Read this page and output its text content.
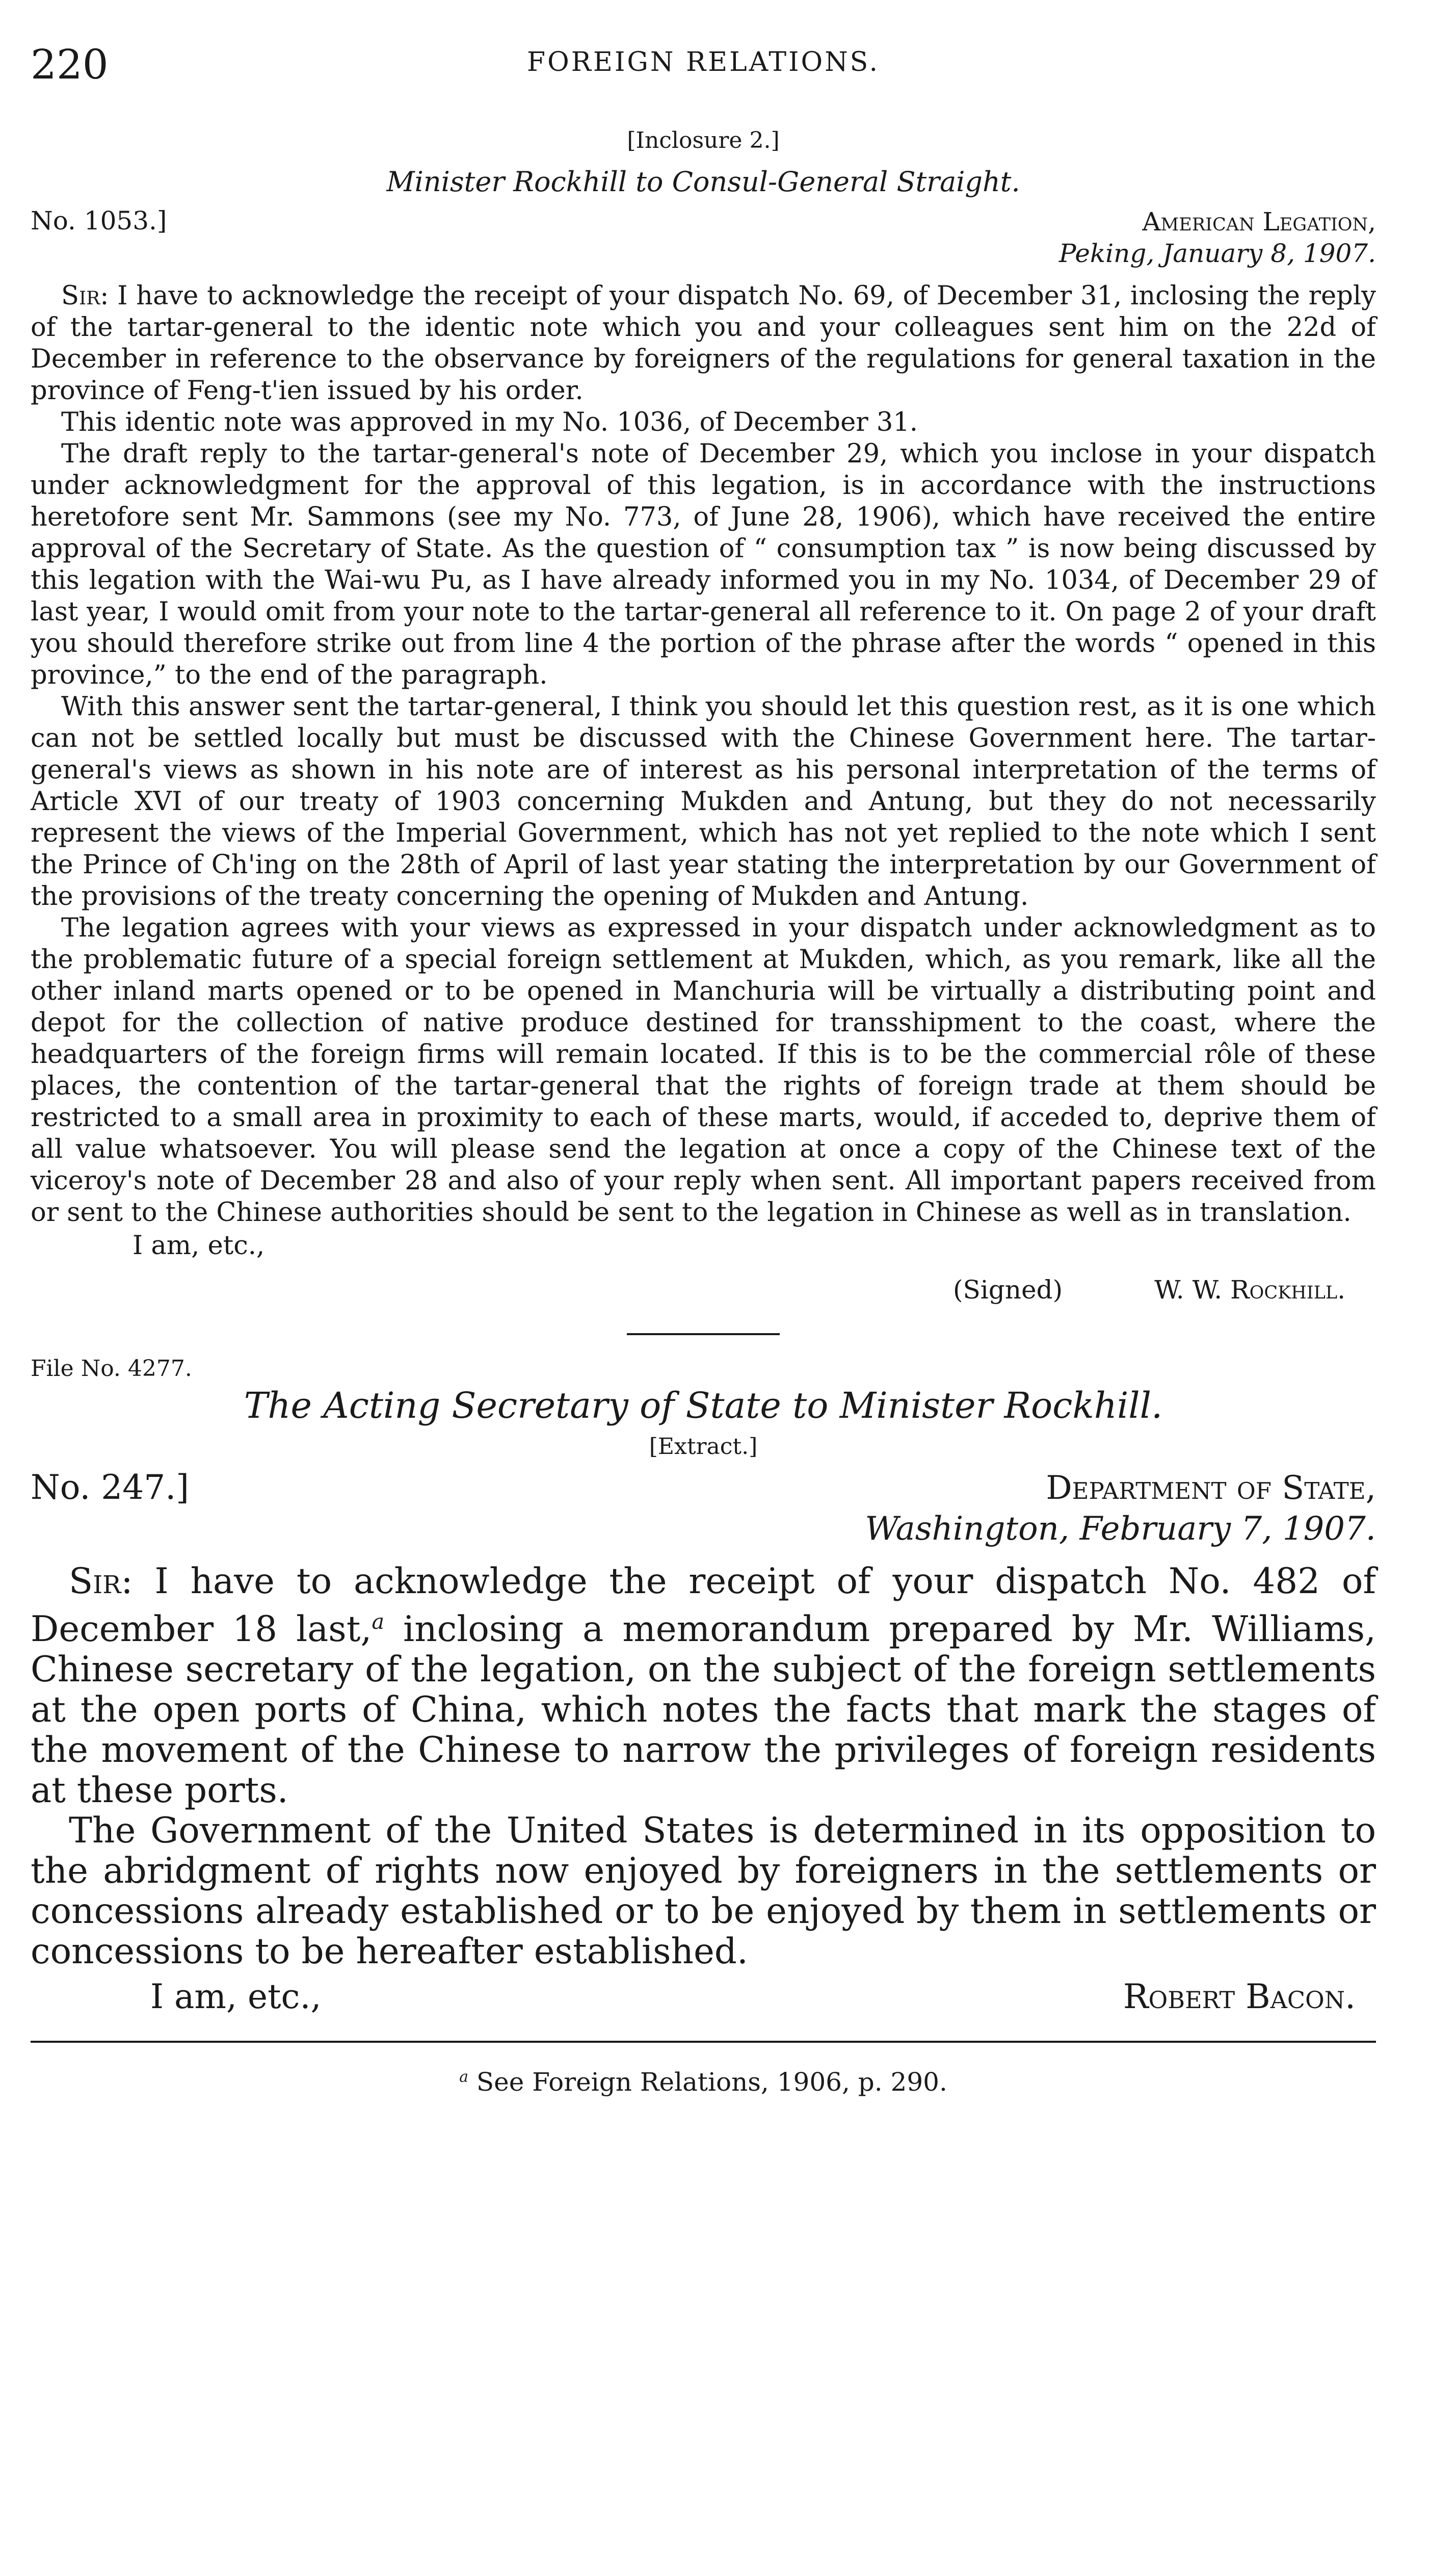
220	FOREIGN RELATIONS.
[Inclosure 2.]
Minister Rockhill to Consul-General Straight.
No. 1053.]	American Legation,
Peking, January 8, 1907.

Sir: I have to acknowledge the receipt of your dispatch No. 69, of December 31, inclosing the reply of the tartar-general to the identic note which you and your colleagues sent him on the 22d of December in reference to the observance by foreigners of the regulations for general taxation in the province of Feng-t'ien issued by his order.

This identic note was approved in my No. 1036, of December 31.

The draft reply to the tartar-general's note of December 29, which you inclose in your dispatch under acknowledgment for the approval of this legation, is in accordance with the instructions heretofore sent Mr. Sammons (see my No. 773, of June 28, 1906), which have received the entire approval of the Secretary of State. As the question of “ consumption tax ” is now being discussed by this legation with the Wai-wu Pu, as I have already informed you in my No. 1034, of December 29 of last year, I would omit from your note to the tartar-general all reference to it. On page 2 of your draft you should therefore strike out from line 4 the portion of the phrase after the words “ opened in this province,” to the end of the paragraph.

With this answer sent the tartar-general, I think you should let this question rest, as it is one which can not be settled locally but must be discussed with the Chinese Government here. The tartar-general's views as shown in his note are of interest as his personal interpretation of the terms of Article XVI of our treaty of 1903 concerning Mukden and Antung, but they do not necessarily represent the views of the Imperial Government, which has not yet replied to the note which I sent the Prince of Ch'ing on the 28th of April of last year stating the interpretation by our Government of the provisions of the treaty concerning the opening of Mukden and Antung.

The legation agrees with your views as expressed in your dispatch under acknowledgment as to the problematic future of a special foreign settlement at Mukden, which, as you remark, like all the other inland marts opened or to be opened in Manchuria will be virtually a distributing point and depot for the collection of native produce destined for transshipment to the coast, where the headquarters of the foreign firms will remain located. If this is to be the commercial rôle of these places, the contention of the tartar-general that the rights of foreign trade at them should be restricted to a small area in proximity to each of these marts, would, if acceded to, deprive them of all value whatsoever. You will please send the legation at once a copy of the Chinese text of the viceroy's note of December 28 and also of your reply when sent. All important papers received from or sent to the Chinese authorities should be sent to the legation in Chinese as well as in translation.

I am, etc.,
(Signed)	W. W. Rockhill.
File No. 4277.
The Acting Secretary of State to Minister Rockhill.
[Extract.]
No. 247.]	Department of State,
Washington, February 7, 1907.

Sir: I have to acknowledge the receipt of your dispatch No. 482 of December 18 last,$^a$ inclosing a memorandum prepared by Mr. Williams, Chinese secretary of the legation, on the subject of the foreign settlements at the open ports of China, which notes the facts that mark the stages of the movement of the Chinese to narrow the privileges of foreign residents at these ports.

The Government of the United States is determined in its opposition to the abridgment of rights now enjoyed by foreigners in the settlements or concessions already established or to be enjoyed by them in settlements or concessions to be hereafter established.

I am, etc.,	Robert Bacon.
$^a$ See Foreign Relations, 1906, p. 290.
